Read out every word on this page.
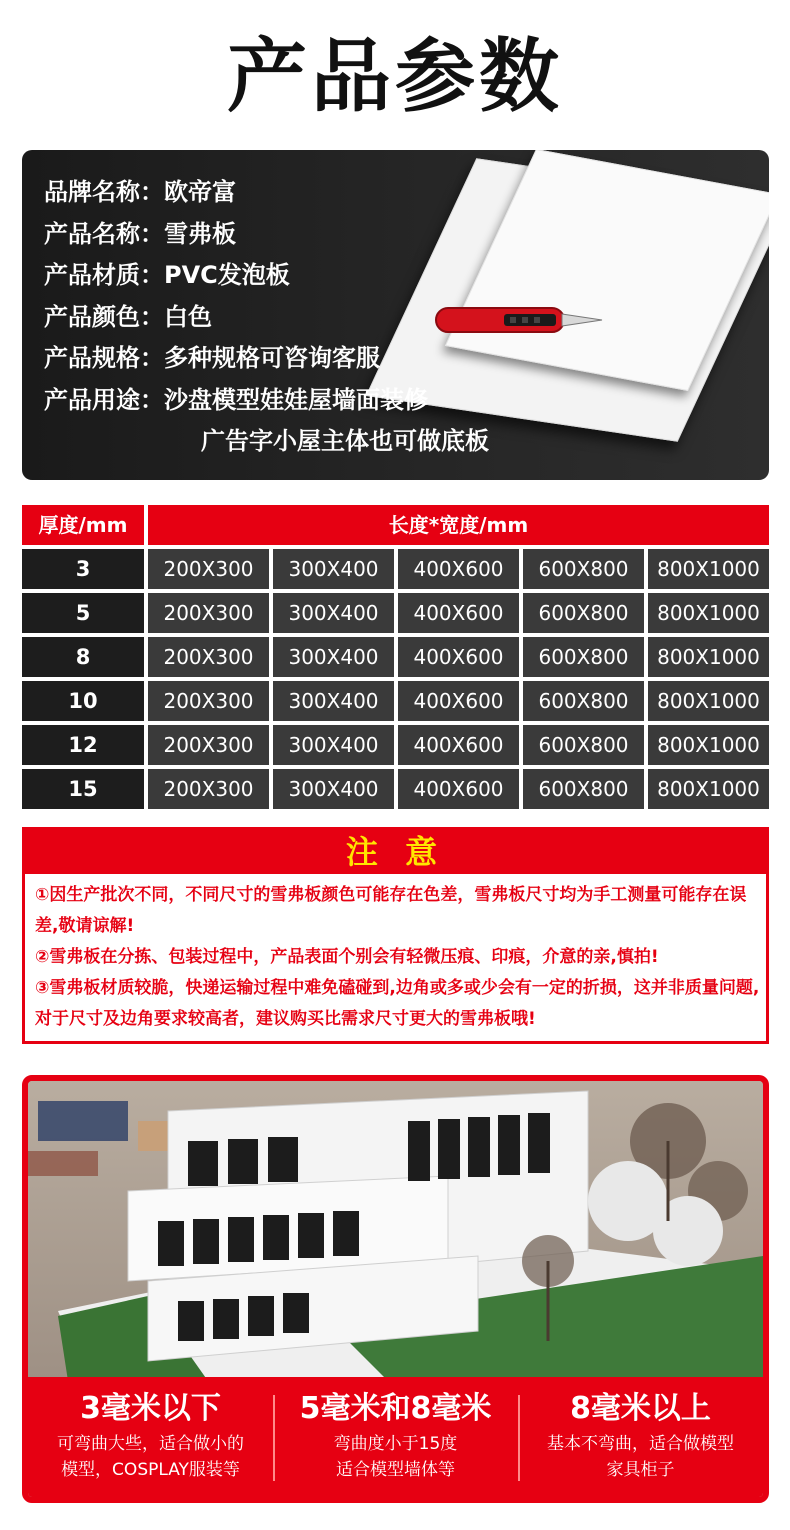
产品参数
品牌名称：欧帝富
产品名称：雪弗板
产品材质：PVC发泡板
产品颜色：白色
产品规格：多种规格可咨询客服
产品用途：沙盘模型娃娃屋墙面装修
广告字小屋主体也可做底板
厚度/mm	长度*宽度/mm
3	200X300	300X400	400X600	600X800	800X1000
5	200X300	300X400	400X600	600X800	800X1000
8	200X300	300X400	400X600	600X800	800X1000
10	200X300	300X400	400X600	600X800	800X1000
12	200X300	300X400	400X600	600X800	800X1000
15	200X300	300X400	400X600	600X800	800X1000
注 意

①因生产批次不同，不同尺寸的雪弗板颜色可能存在色差，雪弗板尺寸均为手工测量可能存在误差,敬请谅解!

②雪弗板在分拣、包装过程中，产品表面个别会有轻微压痕、印痕，介意的亲,慎拍!

③雪弗板材质较脆，快递运输过程中难免磕碰到,边角或多或少会有一定的折损，这并非质量问题,对于尺寸及边角要求较高者，建议购买比需求尺寸更大的雪弗板哦!

3毫米以下
可弯曲大些，适合做小的
模型，COSPLAY服装等
5毫米和8毫米
弯曲度小于15度
适合模型墙体等
8毫米以上
基本不弯曲，适合做模型
家具柜子
